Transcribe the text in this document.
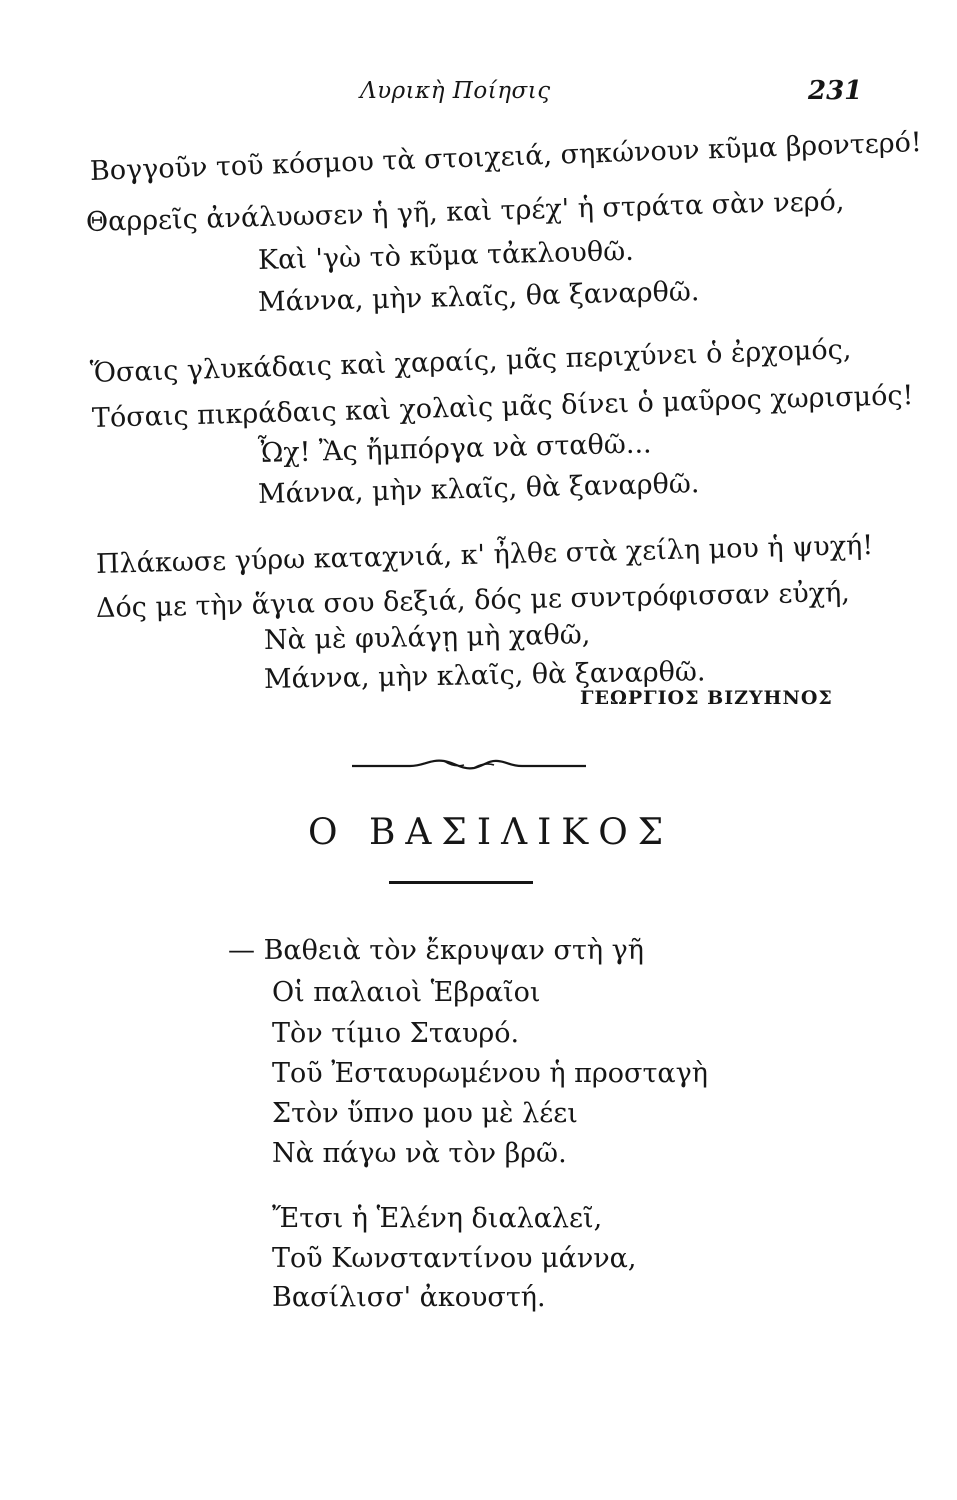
Λυρικὴ Ποίησις	231
Βογγοῦν τοῦ κόσμου τὰ στοιχειά, σηκώνουν κῦμα βροντερό!
Θαρρεῖς ἀνάλυωσεν ἡ γῆ, καὶ τρέχ' ἡ στράτα σὰν νερό,
Καὶ 'γὼ τὸ κῦμα τἀκλουθῶ.
Μάννα, μὴν κλαῖς, θα ξαναρθῶ.
Ὅσαις γλυκάδαις καὶ χαραίς, μᾶς περιχύνει ὁ ἐρχομός,
Τόσαις πικράδαις καὶ χολαὶς μᾶς δίνει ὁ μαῦρος χωρισμός!
Ὦχ! Ἂς ἤμπόργα νὰ σταθῶ...
Μάννα, μὴν κλαῖς, θὰ ξαναρθῶ.
Πλάκωσε γύρω καταχνιά, κ' ἦλθε στὰ χείλη μου ἡ ψυχή!
Δός με τὴν ἅγια σου δεξιά, δός με συντρόφισσαν εὐχή,
Νὰ μὲ φυλάγῃ μὴ χαθῶ,
Μάννα, μὴν κλαῖς, θὰ ξαναρθῶ.
ΓΕΩΡΓΙΟΣ ΒΙΖΥΗΝΟΣ
Ο ΒΑΣΙΛΙΚΟΣ
— Βαθειὰ τὸν ἔκρυψαν στὴ γῆ
Οἱ παλαιοὶ Ἑβραῖοι
Τὸν τίμιο Σταυρό.
Τοῦ Ἐσταυρωμένου ἡ προσταγὴ
Στὸν ὕπνο μου μὲ λέει
Νὰ πάγω νὰ τὸν βρῶ.
Ἔτσι ἡ Ἑλένη διαλαλεῖ,
Τοῦ Κωνσταντίνου μάννα,
Βασίλισσ' ἀκουστή.
